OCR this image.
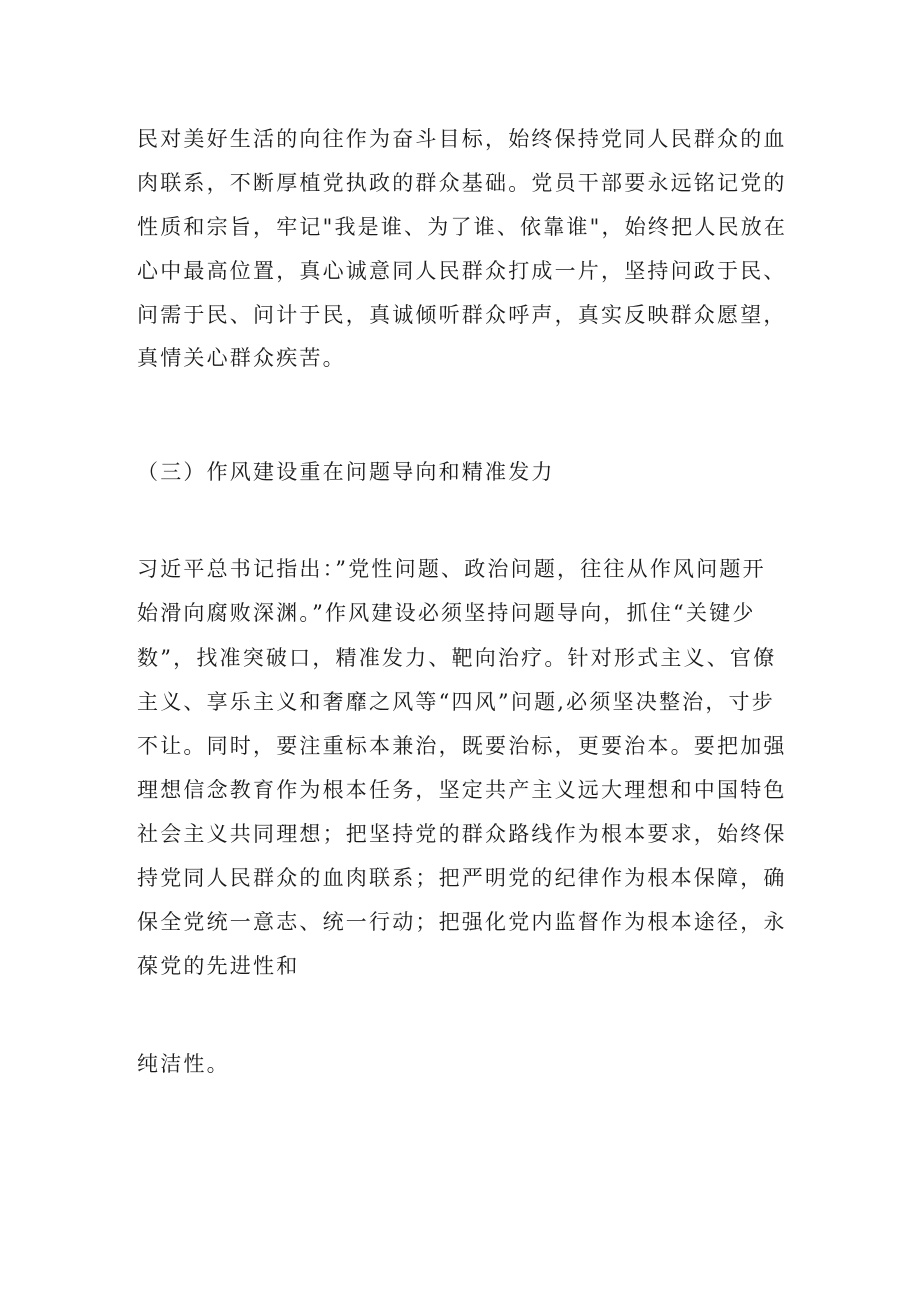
民对美好生活的向往作为奋斗目标，始终保持党同人民群众的血
肉联系，不断厚植党执政的群众基础。党员干部要永远铭记党的
性质和宗旨，牢记"我是谁、为了谁、依靠谁"，始终把人民放在
心中最高位置，真心诚意同人民群众打成一片，坚持问政于民、
问需于民、问计于民，真诚倾听群众呼声，真实反映群众愿望，
真情关心群众疾苦。
（三）作风建设重在问题导向和精准发力
习近平总书记指出：”党性问题、政治问题，往往从作风问题开
始滑向腐败深渊。”作风建设必须坚持问题导向，抓住“关键少
数”，找准突破口，精准发力、靶向治疗。针对形式主义、官僚
主义、享乐主义和奢靡之风等“四风”问题,必须坚决整治，寸步
不让。同时，要注重标本兼治，既要治标，更要治本。要把加强
理想信念教育作为根本任务，坚定共产主义远大理想和中国特色
社会主义共同理想；把坚持党的群众路线作为根本要求，始终保
持党同人民群众的血肉联系；把严明党的纪律作为根本保障，确
保全党统一意志、统一行动；把强化党内监督作为根本途径，永
葆党的先进性和
纯洁性。
